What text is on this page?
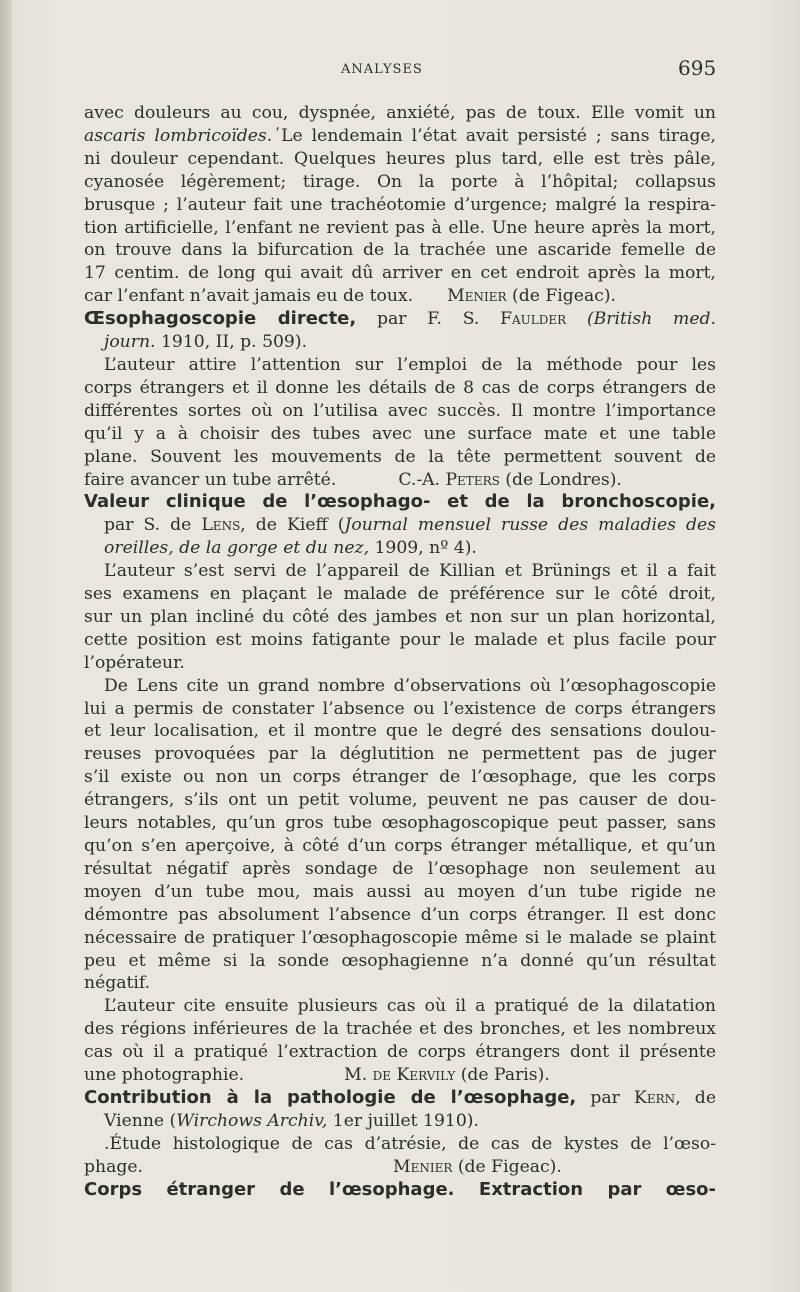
ANALYSES	695

avec douleurs au cou, dyspnée, anxiété, pas de toux. Elle vomit un

ascaris lombricoïdes. ̕Le lendemain l’état avait persisté ; sans tirage,

ni douleur cependant. Quelques heures plus tard, elle est très pâle,

cyanosée légèrement; tirage. On la porte à l’hôpital; collapsus

brusque ; l’auteur fait une trachéotomie d’urgence; malgré la respira-

tion artificielle, l’enfant ne revient pas à elle. Une heure après la mort,

on trouve dans la bifurcation de la trachée une ascaride femelle de

17 centim. de long qui avait dû arriver en cet endroit après la mort,

car l’enfant n’avait jamais eu de toux. Menier (de Figeac).

Œsophagoscopie directe, par F. S. Faulder (British med.

journ. 1910, II, p. 509).

L’auteur attire l’attention sur l’emploi de la méthode pour les

corps étrangers et il donne les détails de 8 cas de corps étrangers de

différentes sortes où on l’utilisa avec succès. Il montre l’importance

qu’il y a à choisir des tubes avec une surface mate et une table

plane. Souvent les mouvements de la tête permettent souvent de

faire avancer un tube arrêté.	C.-A. Peters (de Londres).

Valeur clinique de l’œsophago- et de la bronchoscopie,

par S. de Lens, de Kieff (Journal mensuel russe des maladies des

oreilles, de la gorge et du nez, 1909, nº 4).

L’auteur s’est servi de l’appareil de Killian et Brünings et il a fait

ses examens en plaçant le malade de préférence sur le côté droit,

sur un plan incliné du côté des jambes et non sur un plan horizontal,

cette position est moins fatigante pour le malade et plus facile pour

l’opérateur.

De Lens cite un grand nombre d’observations où l’œsophagoscopie

lui a permis de constater l’absence ou l’existence de corps étrangers

et leur localisation, et il montre que le degré des sensations doulou-

reuses provoquées par la déglutition ne permettent pas de juger

s’il existe ou non un corps étranger de l’œsophage, que les corps

étrangers, s’ils ont un petit volume, peuvent ne pas causer de dou-

leurs notables, qu’un gros tube œsophagoscopique peut passer, sans

qu’on s’en aperçoive, à côté d’un corps étranger métallique, et qu’un

résultat négatif après sondage de l’œsophage non seulement au

moyen d’un tube mou, mais aussi au moyen d’un tube rigide ne

démontre pas absolument l’absence d’un corps étranger. Il est donc

nécessaire de pratiquer l’œsophagoscopie même si le malade se plaint

peu et même si la sonde œsophagienne n’a donné qu’un résultat

négatif.

L’auteur cite ensuite plusieurs cas où il a pratiqué de la dilatation

des régions inférieures de la trachée et des bronches, et les nombreux

cas où il a pratiqué l’extraction de corps étrangers dont il présente

une photographie.	M. de Kervily (de Paris).

Contribution à la pathologie de l’œsophage, par Kern, de

Vienne (Wirchows Archiv, 1er juillet 1910).

.Étude histologique de cas d’atrésie, de cas de kystes de l’œso-

phage.	Menier (de Figeac).

Corps étranger de l’œsophage. Extraction par œso-
